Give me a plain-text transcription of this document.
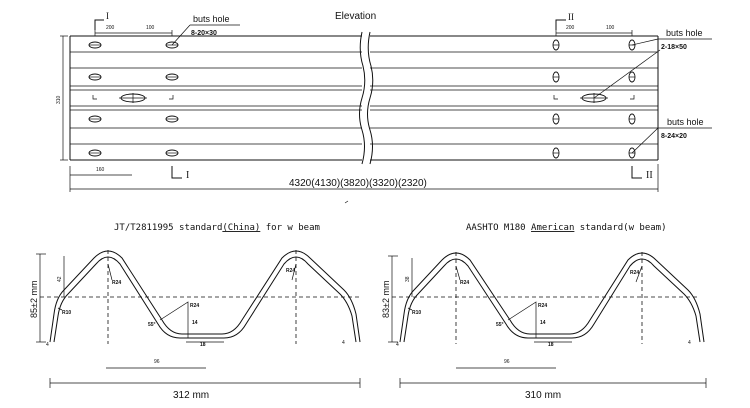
Elevation
I
200	100
II
200	100
buts hole
8-20×30	buts hole
2-18×50
buts hole
8-24×20
310
160	I	II
4320(4130)(3820)(3320)(2320)
JT/T2811995 standard(China) for w beam
85±2 mm
42
R24
R24
R10
55°
R24
14
18
96
4	4
312 mm
AASHTO M180 American standard(w beam)
83±2 mm
38
R24
R24
R10
55°
R24
14
18
96
4	4
310 mm
